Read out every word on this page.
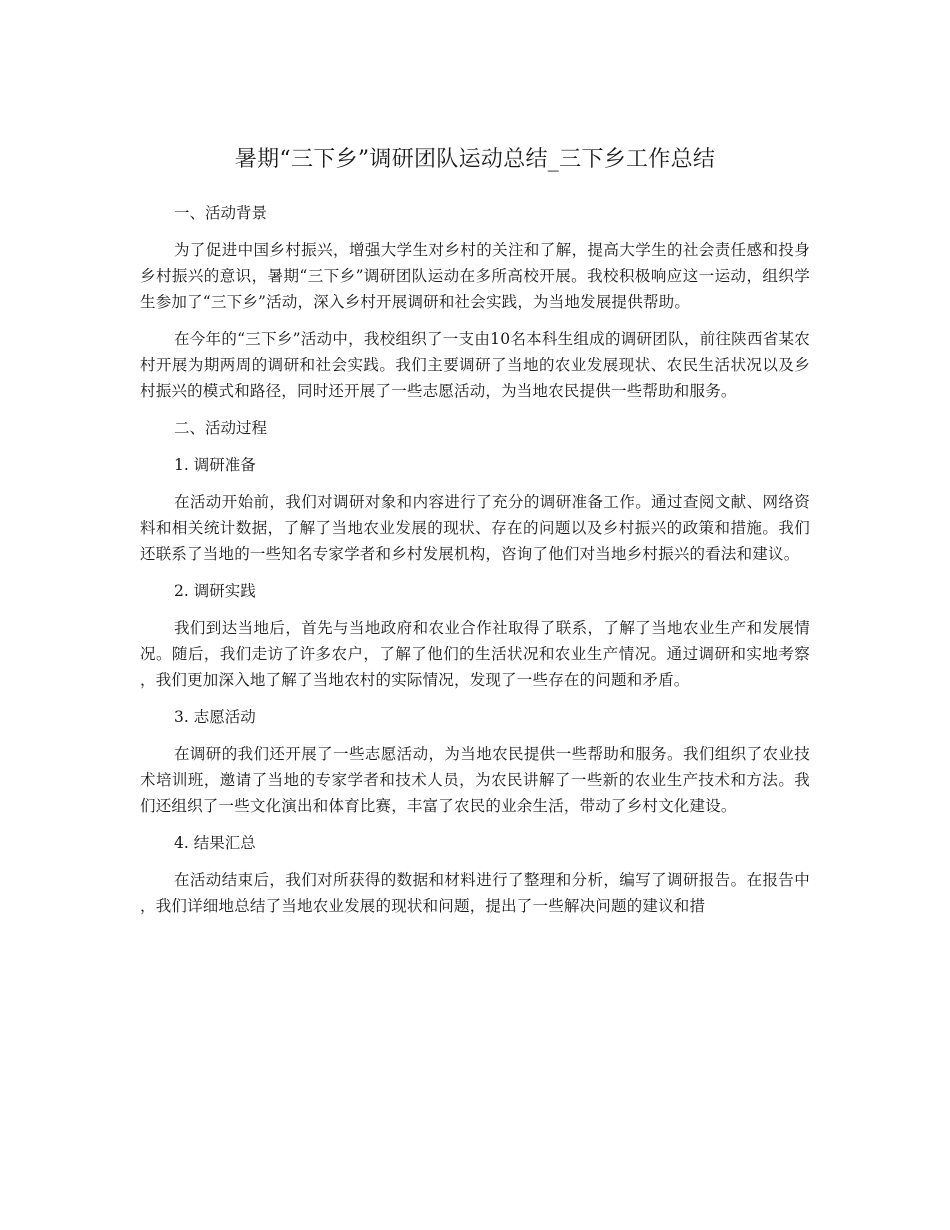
暑期“三下乡”调研团队运动总结_三下乡工作总结
一、活动背景

为了促进中国乡村振兴，增强大学生对乡村的关注和了解，提高大学生的社会责任感和投身乡村振兴的意识，暑期“三下乡”调研团队运动在多所高校开展。我校积极响应这一运动，组织学生参加了“三下乡”活动，深入乡村开展调研和社会实践，为当地发展提供帮助。

在今年的“三下乡”活动中，我校组织了一支由10名本科生组成的调研团队，前往陕西省某农村开展为期两周的调研和社会实践。我们主要调研了当地的农业发展现状、农民生活状况以及乡村振兴的模式和路径，同时还开展了一些志愿活动，为当地农民提供一些帮助和服务。

二、活动过程
1. 调研准备

在活动开始前，我们对调研对象和内容进行了充分的调研准备工作。通过查阅文献、网络资料和相关统计数据，了解了当地农业发展的现状、存在的问题以及乡村振兴的政策和措施。我们还联系了当地的一些知名专家学者和乡村发展机构，咨询了他们对当地乡村振兴的看法和建议。

2. 调研实践

我们到达当地后，首先与当地政府和农业合作社取得了联系，了解了当地农业生产和发展情况。随后，我们走访了许多农户，了解了他们的生活状况和农业生产情况。通过调研和实地考察，我们更加深入地了解了当地农村的实际情况，发现了一些存在的问题和矛盾。

3. 志愿活动

在调研的我们还开展了一些志愿活动，为当地农民提供一些帮助和服务。我们组织了农业技术培训班，邀请了当地的专家学者和技术人员，为农民讲解了一些新的农业生产技术和方法。我们还组织了一些文化演出和体育比赛，丰富了农民的业余生活，带动了乡村文化建设。

4. 结果汇总

在活动结束后，我们对所获得的数据和材料进行了整理和分析，编写了调研报告。在报告中，我们详细地总结了当地农业发展的现状和问题，提出了一些解决问题的建议和措
